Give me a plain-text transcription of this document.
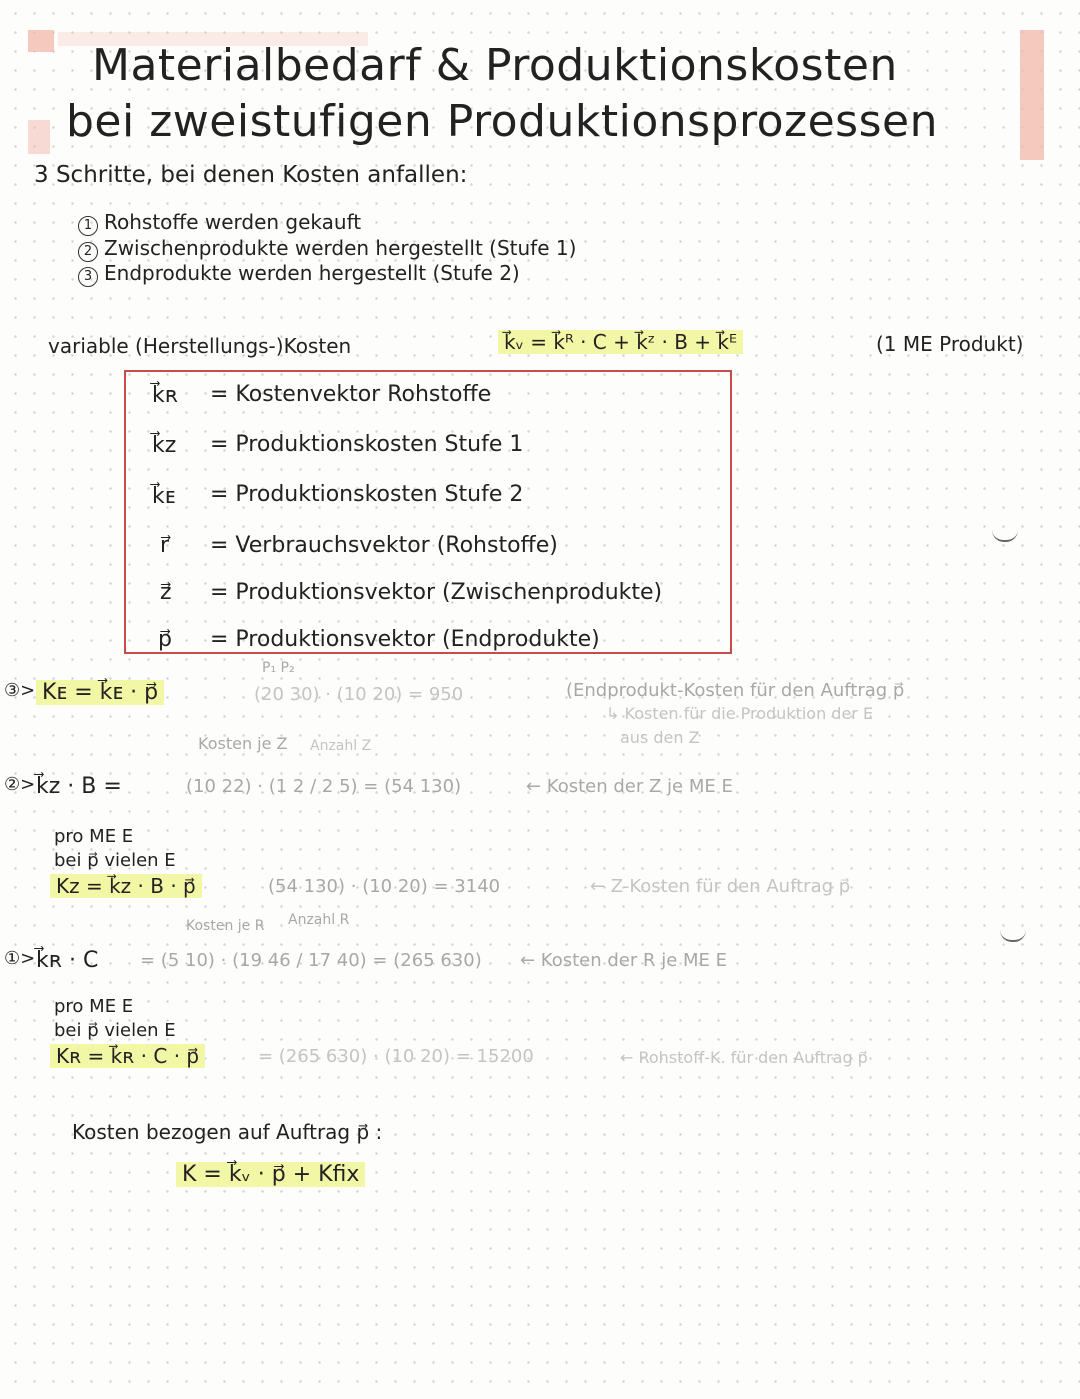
Materialbedarf & Produktionskosten
bei zweistufigen Produktionsprozessen
3 Schritte, bei denen Kosten anfallen:
1 Rohstoffe werden gekauft
2 Zwischenprodukte werden hergestellt (Stufe 1)
3 Endprodukte werden hergestellt (Stufe 2)
variable (Herstellungs-)Kosten	k⃗ᵥ = k⃗ᴿ · C + k⃗ᶻ · B + k⃗ᴱ	(1 ME Produkt)
k⃗ʀ = Kostenvektor Rohstoffe
k⃗ᴢ = Produktionskosten Stufe 1
k⃗ᴇ = Produktionskosten Stufe 2
r⃗ = Verbrauchsvektor (Rohstoffe)
z⃗ = Produktionsvektor (Zwischenprodukte)
p⃗ = Produktionsvektor (Endprodukte)
P₁ P₂
③> Kᴇ = k⃗ᴇ · p⃗	(20 30) · (10 20) = 950	(Endprodukt-Kosten für den Auftrag p⃗
↳ Kosten für die Produktion der E
aus den Z
Kosten je Z Anzahl Z
②> k⃗ᴢ · B =	(10 22) · (1 2 / 2 5) = (54 130)	← Kosten der Z je ME E
pro ME E
bei p⃗ vielen E
Kᴢ = k⃗ᴢ · B · p⃗	(54 130) · (10 20) = 3140	← Z-Kosten für den Auftrag p⃗
Kosten je R Anzahl R
①> k⃗ʀ · C = (5 10) · (19 46 / 17 40) = (265 630) ← Kosten der R je ME E
pro ME E
bei p⃗ vielen E
Kʀ = k⃗ʀ · C · p⃗	= (265 630) · (10 20) = 15200	← Rohstoff-K. für den Auftrag p⃗
Kosten bezogen auf Auftrag p⃗ :
K = k⃗ᵥ · p⃗ + Kfix
